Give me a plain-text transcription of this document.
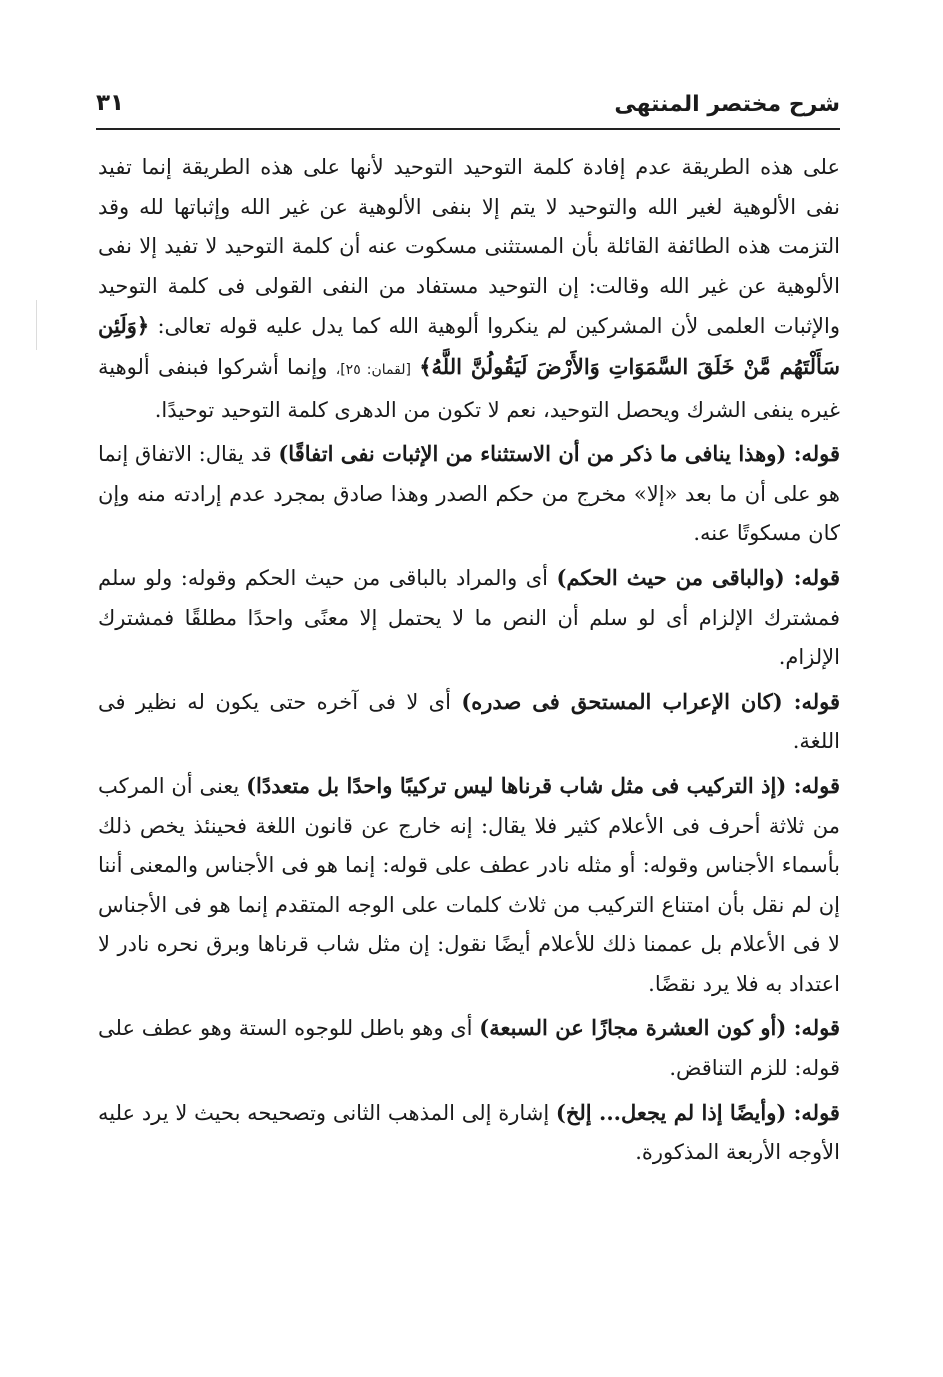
شرح مختصر المنتهى
٣١

على هذه الطريقة عدم إفادة كلمة التوحيد التوحيد لأنها على هذه الطريقة إنما تفيد نفى الألوهية لغير الله والتوحيد لا يتم إلا بنفى الألوهية عن غير الله وإثباتها لله وقد التزمت هذه الطائفة القائلة بأن المستثنى مسكوت عنه أن كلمة التوحيد لا تفيد إلا نفى الألوهية عن غير الله وقالت: إن التوحيد مستفاد من النفى القولى فى كلمة التوحيد والإثبات العلمى لأن المشركين لم ينكروا ألوهية الله كما يدل عليه قوله تعالى: ﴿وَلَئِن سَأَلْتَهُم مَّنْ خَلَقَ السَّمَوَاتِ وَالأَرْضَ لَيَقُولُنَّ اللَّهُ﴾ [لقمان: ٢٥]، وإنما أشركوا فبنفى ألوهية غيره ينفى الشرك ويحصل التوحيد، نعم لا تكون من الدهرى كلمة التوحيد توحيدًا.

قوله: (وهذا ينافى ما ذكر من أن الاستثناء من الإثبات نفى اتفاقًا) قد يقال: الاتفاق إنما هو على أن ما بعد «إلا» مخرج من حكم الصدر وهذا صادق بمجرد عدم إرادته منه وإن كان مسكوتًا عنه.

قوله: (والباقى من حيث الحكم) أى والمراد بالباقى من حيث الحكم وقوله: ولو سلم فمشترك الإلزام أى لو سلم أن النص ما لا يحتمل إلا معنًى واحدًا مطلقًا فمشترك الإلزام.

قوله: (كان الإعراب المستحق فى صدره) أى لا فى آخره حتى يكون له نظير فى اللغة.

قوله: (إذ التركيب فى مثل شاب قرناها ليس تركيبًا واحدًا بل متعددًا) يعنى أن المركب من ثلاثة أحرف فى الأعلام كثير فلا يقال: إنه خارج عن قانون اللغة فحينئذ يخص ذلك بأسماء الأجناس وقوله: أو مثله نادر عطف على قوله: إنما هو فى الأجناس والمعنى أننا إن لم نقل بأن امتناع التركيب من ثلاث كلمات على الوجه المتقدم إنما هو فى الأجناس لا فى الأعلام بل عممنا ذلك للأعلام أيضًا نقول: إن مثل شاب قرناها وبرق نحره نادر لا اعتداد به فلا يرد نقضًا.

قوله: (أو كون العشرة مجازًا عن السبعة) أى وهو باطل للوجوه الستة وهو عطف على قوله: للزم التناقض.

قوله: (وأيضًا إذا لم يجعل... إلخ) إشارة إلى المذهب الثانى وتصحيحه بحيث لا يرد عليه الأوجه الأربعة المذكورة.
